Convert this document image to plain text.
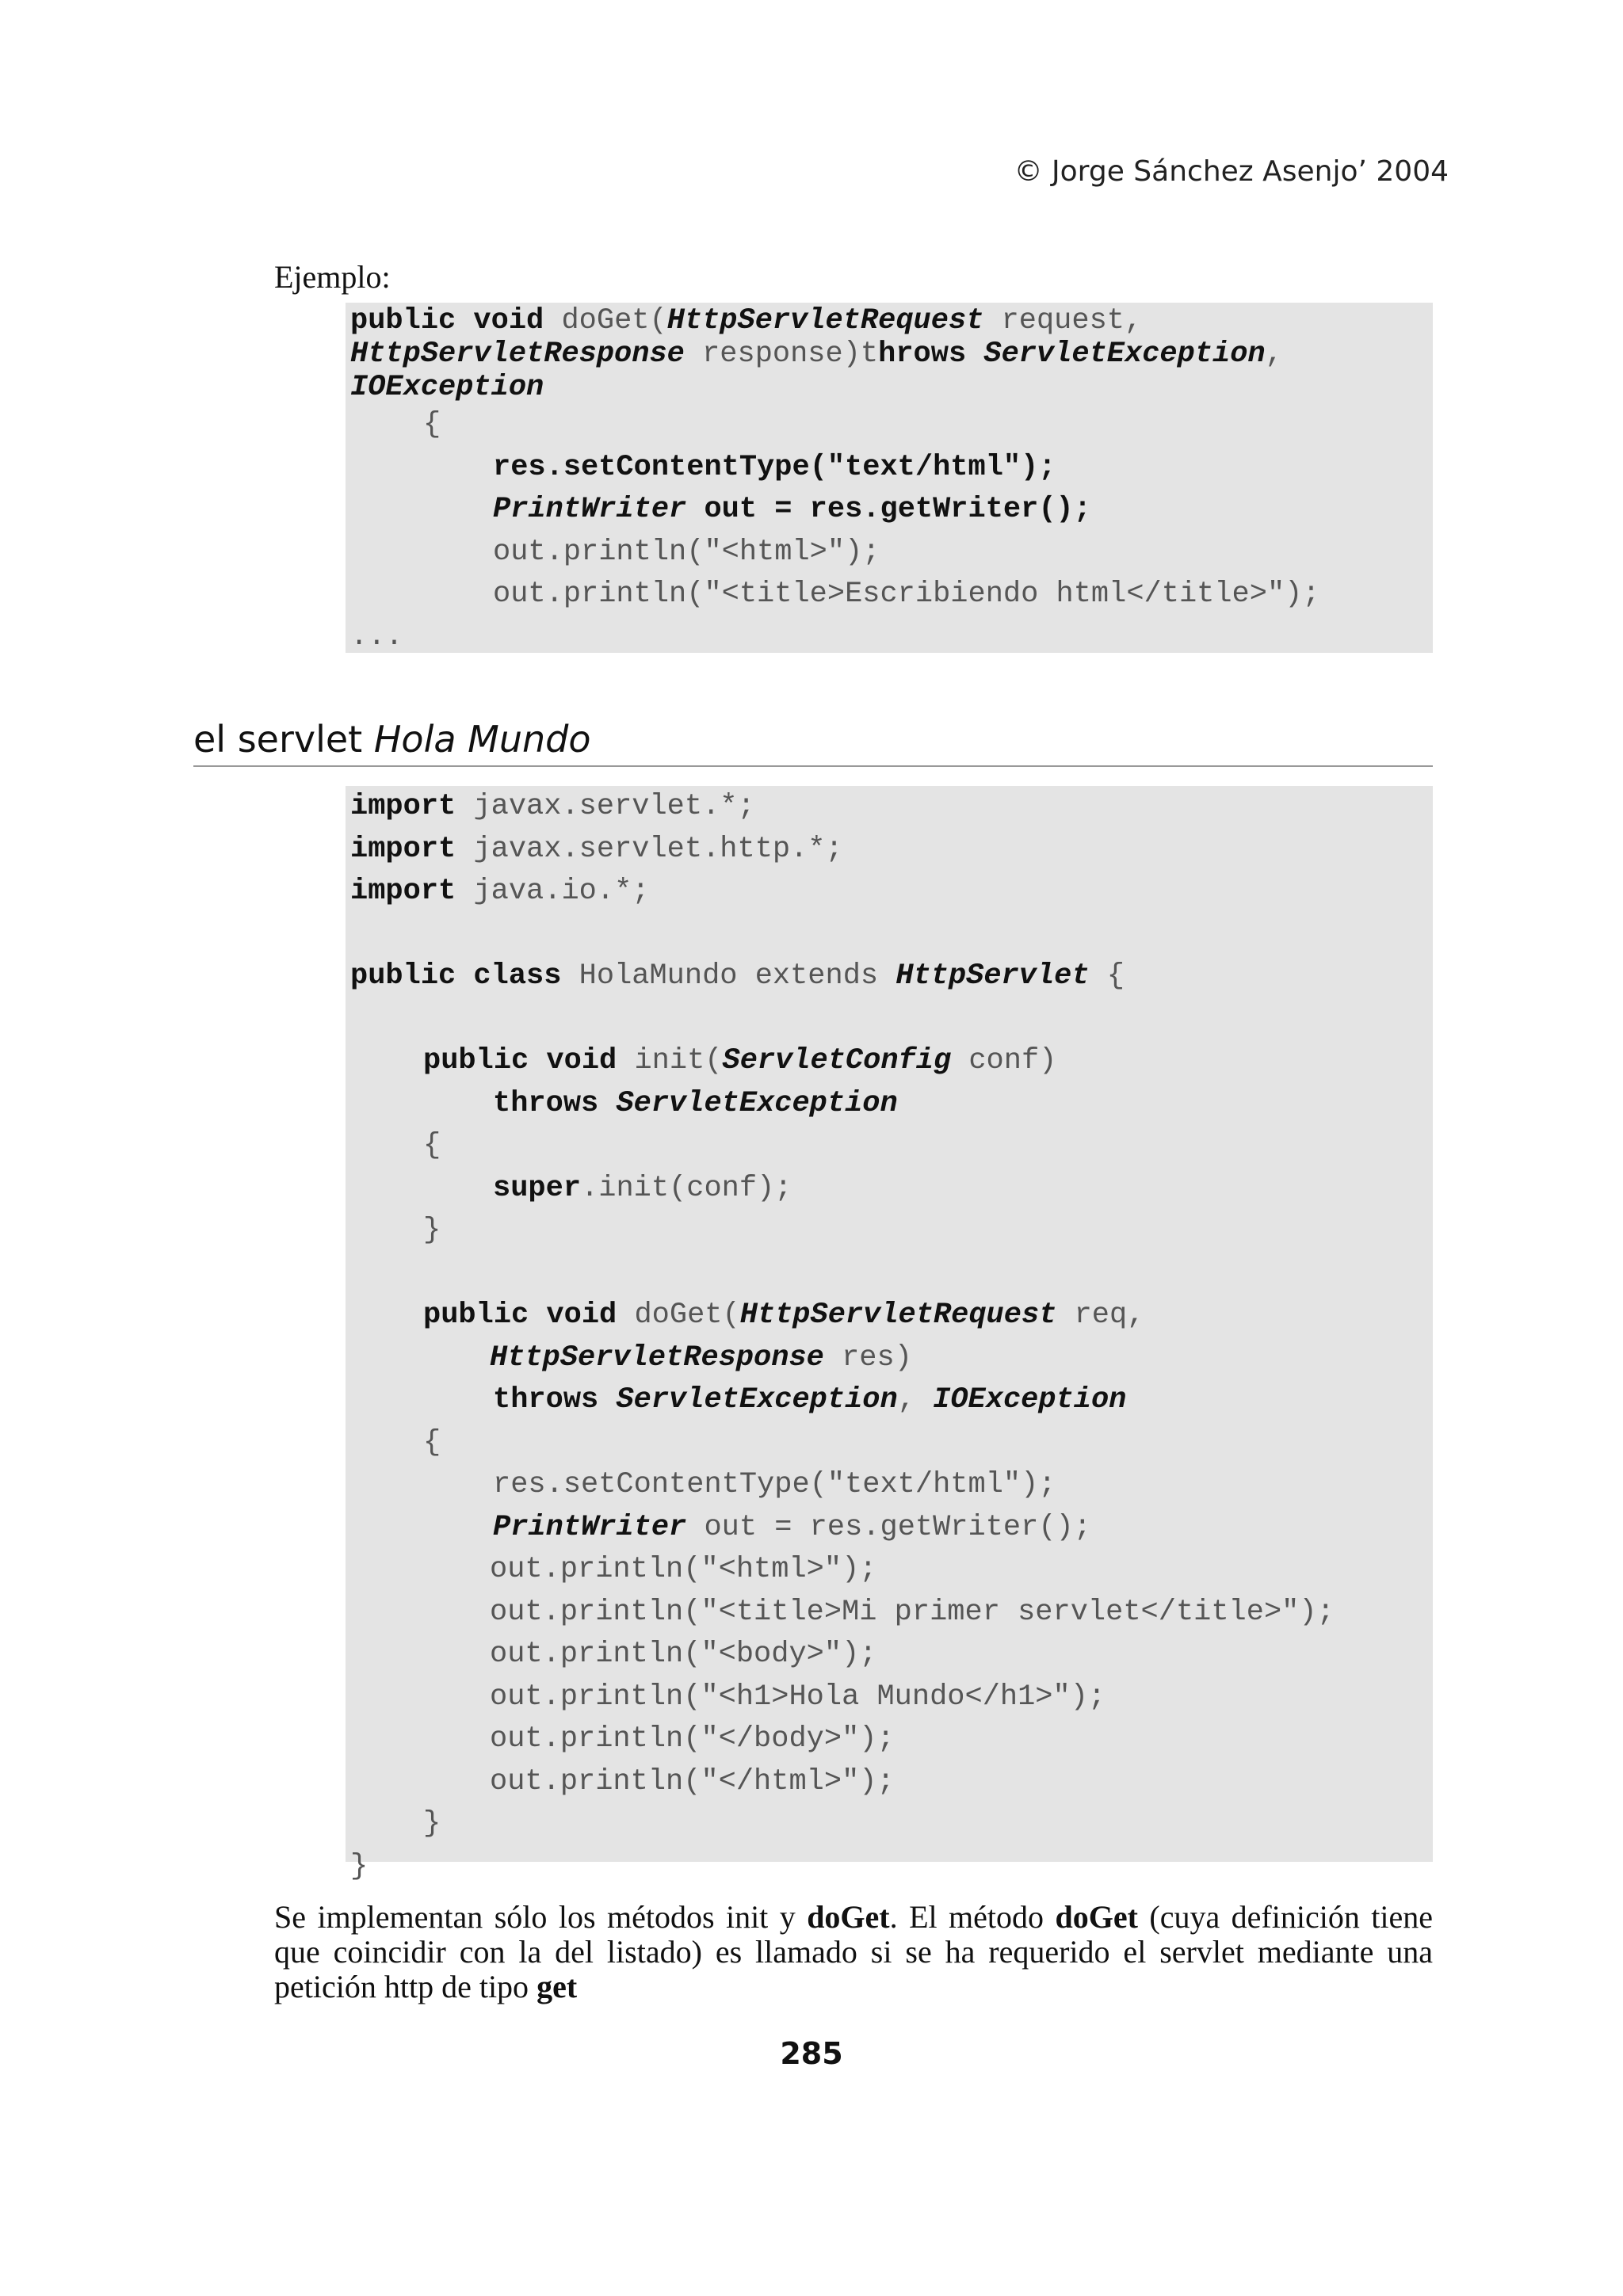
© Jorge Sánchez Asenjo’ 2004
Ejemplo:
public void doGet(HttpServletRequest request,
HttpServletResponse response)throws ServletException,
IOException
{
res.setContentType("text/html");
PrintWriter out = res.getWriter();
out.println("<html>");
out.println("<title>Escribiendo html</title>");
...
el servlet Hola Mundo
import javax.servlet.*;
import javax.servlet.http.*;
import java.io.*;
public class HolaMundo extends HttpServlet {
public void init(ServletConfig conf)
throws ServletException
{
super.init(conf);
}
public void doGet(HttpServletRequest req,
HttpServletResponse res)
throws ServletException, IOException
{
res.setContentType("text/html");
PrintWriter out = res.getWriter();
out.println("<html>");
out.println("<title>Mi primer servlet</title>");
out.println("<body>");
out.println("<h1>Hola Mundo</h1>");
out.println("</body>");
out.println("</html>");
}
}
Se implementan sólo los métodos init y doGet. El método doGet (cuya definición tiene que coincidir con la del listado) es llamado si se ha requerido el servlet mediante una petición http de tipo get
285
